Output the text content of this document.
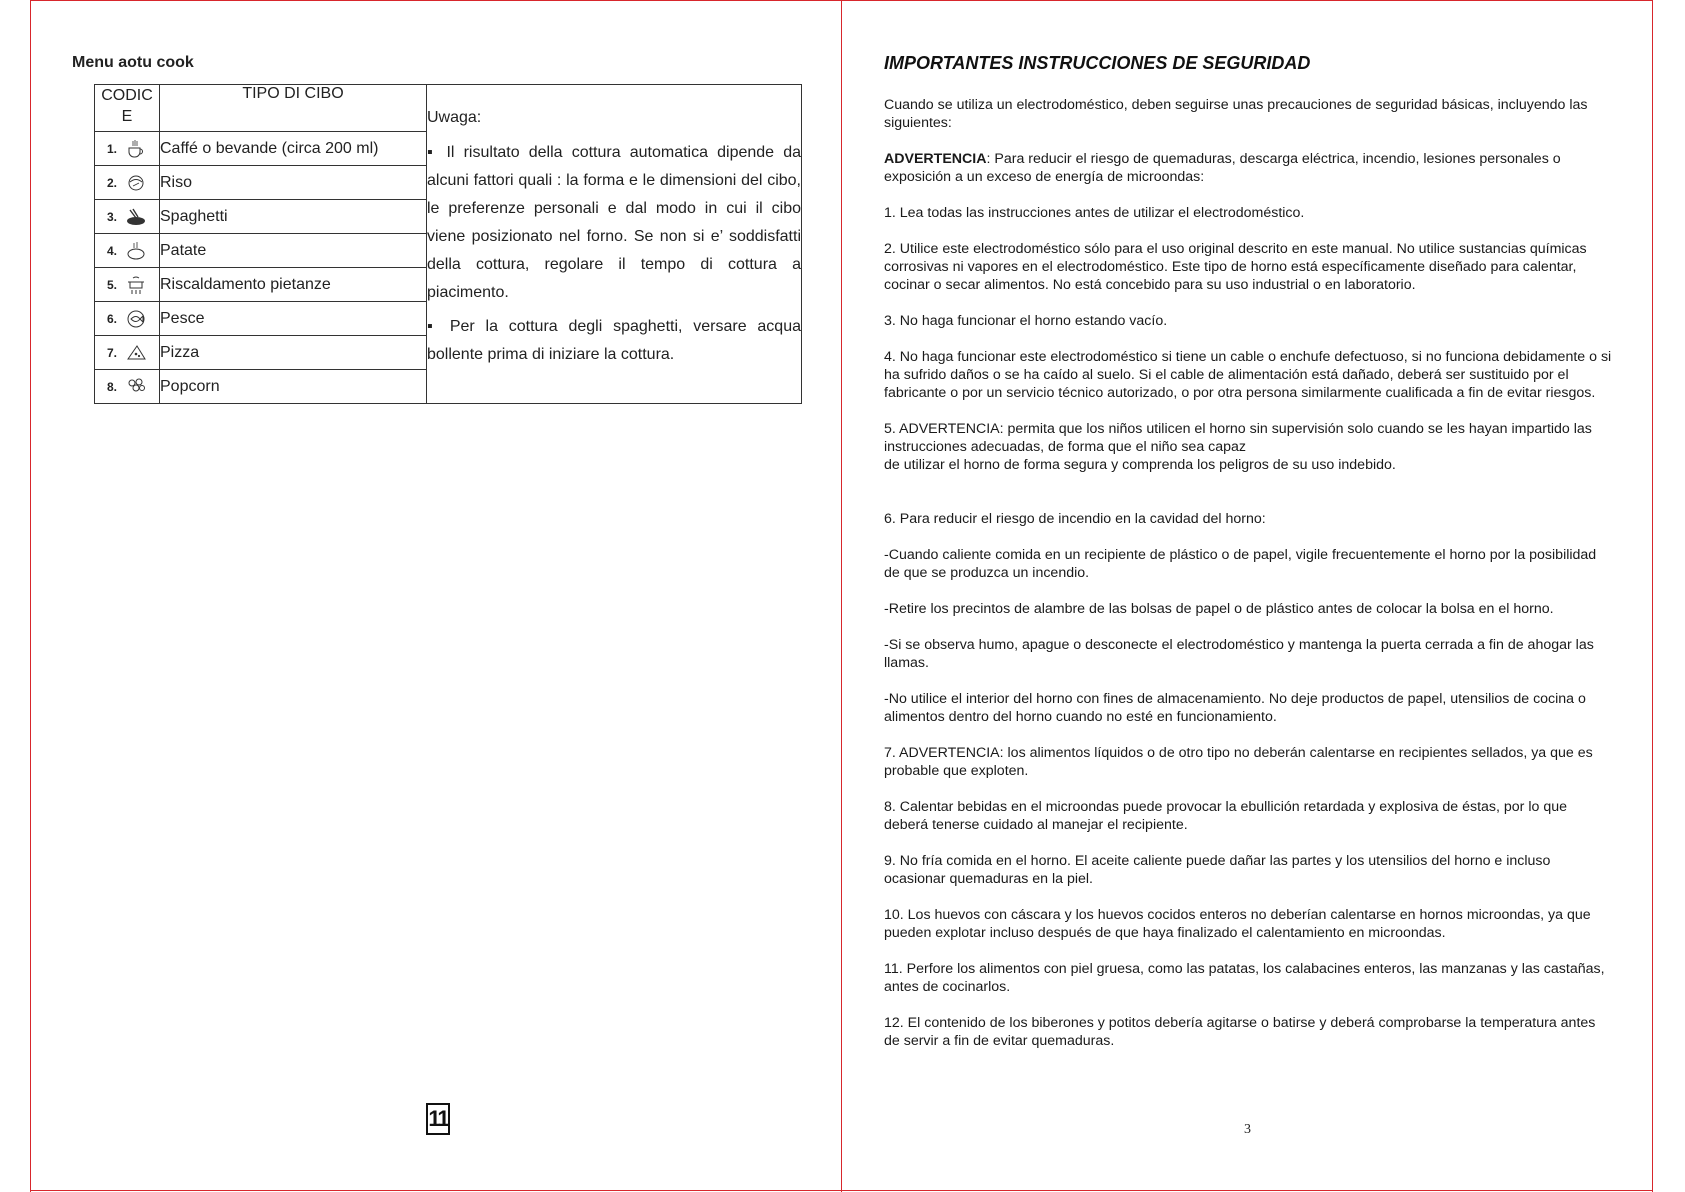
Menu aotu cook
CODIC E	TIPO DI CIBO	Uwaga:

▪ Il risultato della cottura automatica dipende da alcuni fattori quali : la forma e le dimensioni del cibo, le preferenze personali e dal modo in cui il cibo viene posizionato nel forno. Se non si e’ soddisfatti della cottura, regolare il tempo di cottura a piacimento.

▪ Per la cottura degli spaghetti, versare acqua bollente prima di iniziare la cottura.

1.	Caffé o bevande (circa 200 ml)	
2.	Riso	
3.	Spaghetti	
4.	Patate	
5.	Riscaldamento pietanze	
6.	Pesce	
7.	Pizza	
8.	Popcorn	
11
IMPORTANTES INSTRUCCIONES DE SEGURIDAD

Cuando se utiliza un electrodoméstico, deben seguirse unas precauciones de seguridad básicas, incluyendo las siguientes:

ADVERTENCIA: Para reducir el riesgo de quemaduras, descarga eléctrica, incendio, lesiones personales o exposición a un exceso de energía de microondas:

1. Lea todas las instrucciones antes de utilizar el electrodoméstico.

2. Utilice este electrodoméstico sólo para el uso original descrito en este manual. No utilice sustancias químicas corrosivas ni vapores en el electrodoméstico. Este tipo de horno está específicamente diseñado para calentar, cocinar o secar alimentos. No está concebido para su uso industrial o en laboratorio.

3. No haga funcionar el horno estando vacío.

4. No haga funcionar este electrodoméstico si tiene un cable o enchufe defectuoso, si no funciona debidamente o si ha sufrido daños o se ha caído al suelo. Si el cable de alimentación está dañado, deberá ser sustituido por el fabricante o por un servicio técnico autorizado, o por otra persona similarmente cualificada a fin de evitar riesgos.

5. ADVERTENCIA: permita que los niños utilicen el horno sin supervisión solo cuando se les hayan impartido las instrucciones adecuadas, de forma que el niño sea capaz

de utilizar el horno de forma segura y comprenda los peligros de su uso indebido.

6. Para reducir el riesgo de incendio en la cavidad del horno:

-Cuando caliente comida en un recipiente de plástico o de papel, vigile frecuentemente el horno por la posibilidad de que se produzca un incendio.

-Retire los precintos de alambre de las bolsas de papel o de plástico antes de colocar la bolsa en el horno.

-Si se observa humo, apague o desconecte el electrodoméstico y mantenga la puerta cerrada a fin de ahogar las llamas.

-No utilice el interior del horno con fines de almacenamiento. No deje productos de papel, utensilios de cocina o alimentos dentro del horno cuando no esté en funcionamiento.

7. ADVERTENCIA: los alimentos líquidos o de otro tipo no deberán calentarse en recipientes sellados, ya que es probable que exploten.

8. Calentar bebidas en el microondas puede provocar la ebullición retardada y explosiva de éstas, por lo que deberá tenerse cuidado al manejar el recipiente.

9. No fría comida en el horno. El aceite caliente puede dañar las partes y los utensilios del horno e incluso ocasionar quemaduras en la piel.

10. Los huevos con cáscara y los huevos cocidos enteros no deberían calentarse en hornos microondas, ya que pueden explotar incluso después de que haya finalizado el calentamiento en microondas.

11. Perfore los alimentos con piel gruesa, como las patatas, los calabacines enteros, las manzanas y las castañas, antes de cocinarlos.

12. El contenido de los biberones y potitos debería agitarse o batirse y deberá comprobarse la temperatura antes de servir a fin de evitar quemaduras.

3
